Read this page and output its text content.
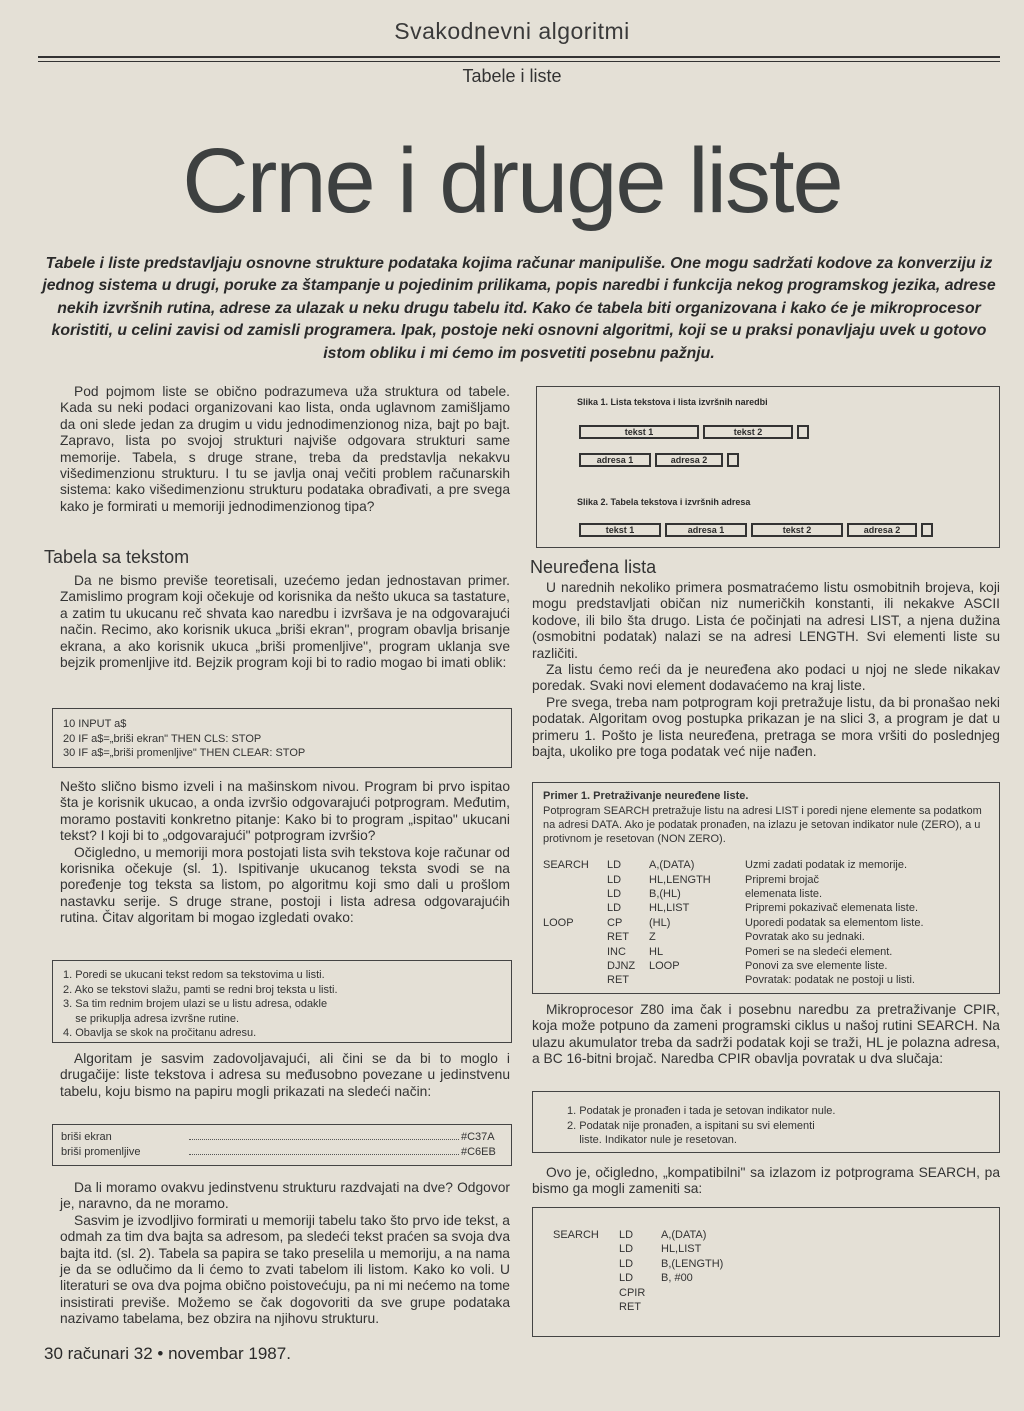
Svakodnevni algoritmi
Tabele i liste
Crne i druge liste
Tabele i liste predstavljaju osnovne strukture podataka kojima računar manipuliše. One mogu sadržati kodove za konverziju iz jednog sistema u drugi, poruke za štampanje u pojedinim prilikama, popis naredbi i funkcija nekog programskog jezika, adrese nekih izvršnih rutina, adrese za ulazak u neku drugu tabelu itd. Kako će tabela biti organizovana i kako će je mikroprocesor koristiti, u celini zavisi od zamisli programera. Ipak, postoje neki osnovni algoritmi, koji se u praksi ponavljaju uvek u gotovo istom obliku i mi ćemo im posvetiti posebnu pažnju.

Pod pojmom liste se obično podrazumeva uža struktura od tabele. Kada su neki podaci organizovani kao lista, onda uglavnom zamišljamo da oni slede jedan za drugim u vidu jednodimenzionog niza, bajt po bajt. Zapravo, lista po svojoj strukturi najviše odgovara strukturi same memorije. Tabela, s druge strane, treba da predstavlja nekakvu višedimenzionu strukturu. I tu se javlja onaj večiti problem računarskih sistema: kako višedimenzionu strukturu podataka obrađivati, a pre svega kako je formirati u memoriji jednodimenzionog tipa?

Tabela sa tekstom

Da ne bismo previše teoretisali, uzećemo jedan jednostavan primer. Zamislimo program koji očekuje od korisnika da nešto ukuca sa tastature, a zatim tu ukucanu reč shvata kao naredbu i izvršava je na odgovarajući način. Recimo, ako korisnik ukuca „briši ekran", program obavlja brisanje ekrana, a ako korisnik ukuca „briši promenljive", program uklanja sve bejzik promenljive itd. Bejzik program koji bi to radio mogao bi imati oblik:

10 INPUT a$
20 IF a$=„briši ekran" THEN CLS: STOP
30 IF a$=„briši promenljive" THEN CLEAR: STOP

Nešto slično bismo izveli i na mašinskom nivou. Program bi prvo ispitao šta je korisnik ukucao, a onda izvršio odgovarajući potprogram. Međutim, moramo postaviti konkretno pitanje: Kako bi to program „ispitao" ukucani tekst? I koji bi to „odgovarajući" potprogram izvršio?

Očigledno, u memoriji mora postojati lista svih tekstova koje računar od korisnika očekuje (sl. 1). Ispitivanje ukucanog teksta svodi se na poređenje tog teksta sa listom, po algoritmu koji smo dali u prošlom nastavku serije. S druge strane, postoji i lista adresa odgovarajućih rutina. Čitav algoritam bi mogao izgledati ovako:

1. Poredi se ukucani tekst redom sa tekstovima u listi.
2. Ako se tekstovi slažu, pamti se redni broj teksta u listi.
3. Sa tim rednim brojem ulazi se u listu adresa, odakle
se prikuplja adresa izvršne rutine.
4. Obavlja se skok na pročitanu adresu.

Algoritam je sasvim zadovoljavajući, ali čini se da bi to moglo i drugačije: liste tekstova i adresa su međusobno povezane u jedinstvenu tabelu, koju bismo na papiru mogli prikazati na sledeći način:

briši ekran	#C37A
briši promenljive	#C6EB

Da li moramo ovakvu jedinstvenu strukturu razdvajati na dve? Odgovor je, naravno, da ne moramo.

Sasvim je izvodljivo formirati u memoriji tabelu tako što prvo ide tekst, a odmah za tim dva bajta sa adresom, pa sledeći tekst praćen sa svoja dva bajta itd. (sl. 2). Tabela sa papira se tako preselila u memoriju, a na nama je da se odlučimo da li ćemo to zvati tabelom ili listom. Kako ko voli. U literaturi se ova dva pojma obično poistovećuju, pa ni mi nećemo na tome insistirati previše. Možemo se čak dogovoriti da sve grupe podataka nazivamo tabelama, bez obzira na njihovu strukturu.

Slika 1. Lista tekstova i lista izvršnih naredbi
tekst 1	tekst 2
adresa 1	adresa 2
Slika 2. Tabela tekstova i izvršnih adresa
tekst 1	adresa 1	tekst 2	adresa 2
Neuređena lista

U narednih nekoliko primera posmatraćemo listu osmobitnih brojeva, koji mogu predstavljati običan niz numeričkih konstanti, ili nekakve ASCII kodove, ili bilo šta drugo. Lista će počinjati na adresi LIST, a njena dužina (osmobitni podatak) nalazi se na adresi LENGTH. Svi elementi liste su različiti.

Za listu ćemo reći da je neuređena ako podaci u njoj ne slede nikakav poredak. Svaki novi element dodavaćemo na kraj liste.

Pre svega, treba nam potprogram koji pretražuje listu, da bi pronašao neki podatak. Algoritam ovog postupka prikazan je na slici 3, a program je dat u primeru 1. Pošto je lista neuređena, pretraga se mora vršiti do poslednjeg bajta, ukoliko pre toga podatak već nije nađen.

Primer 1. Pretraživanje neuređene liste.
Potprogram SEARCH pretražuje listu na adresi LIST i poredi njene elemente sa podatkom na adresi DATA. Ako je podatak pronađen, na izlazu je setovan indikator nule (ZERO), a u protivnom je resetovan (NON ZERO).
SEARCH	LD	A,(DATA)	Uzmi zadati podatak iz memorije.
	LD	HL,LENGTH	Pripremi brojač
	LD	B,(HL)	elemenata liste.
	LD	HL,LIST	Pripremi pokazivač elemenata liste.
LOOP	CP	(HL)	Uporedi podatak sa elementom liste.
	RET	Z	Povratak ako su jednaki.
	INC	HL	Pomeri se na sledeći element.
	DJNZ	LOOP	Ponovi za sve elemente liste.
	RET		Povratak: podatak ne postoji u listi.

Mikroprocesor Z80 ima čak i posebnu naredbu za pretraživanje CPIR, koja može potpuno da zameni programski ciklus u našoj rutini SEARCH. Na ulazu akumulator treba da sadrži podatak koji se traži, HL je polazna adresa, a BC 16-bitni brojač. Naredba CPIR obavlja povratak u dva slučaja:

1. Podatak je pronađen i tada je setovan indikator nule.
2. Podatak nije pronađen, a ispitani su svi elementi
liste. Indikator nule je resetovan.

Ovo je, očigledno, „kompatibilni" sa izlazom iz potprograma SEARCH, pa bismo ga mogli zameniti sa:

SEARCH	LD	A,(DATA)
	LD	HL,LIST
	LD	B,(LENGTH)
	LD	B, #00
	CPIR	
	RET	
30 računari 32 • novembar 1987.
